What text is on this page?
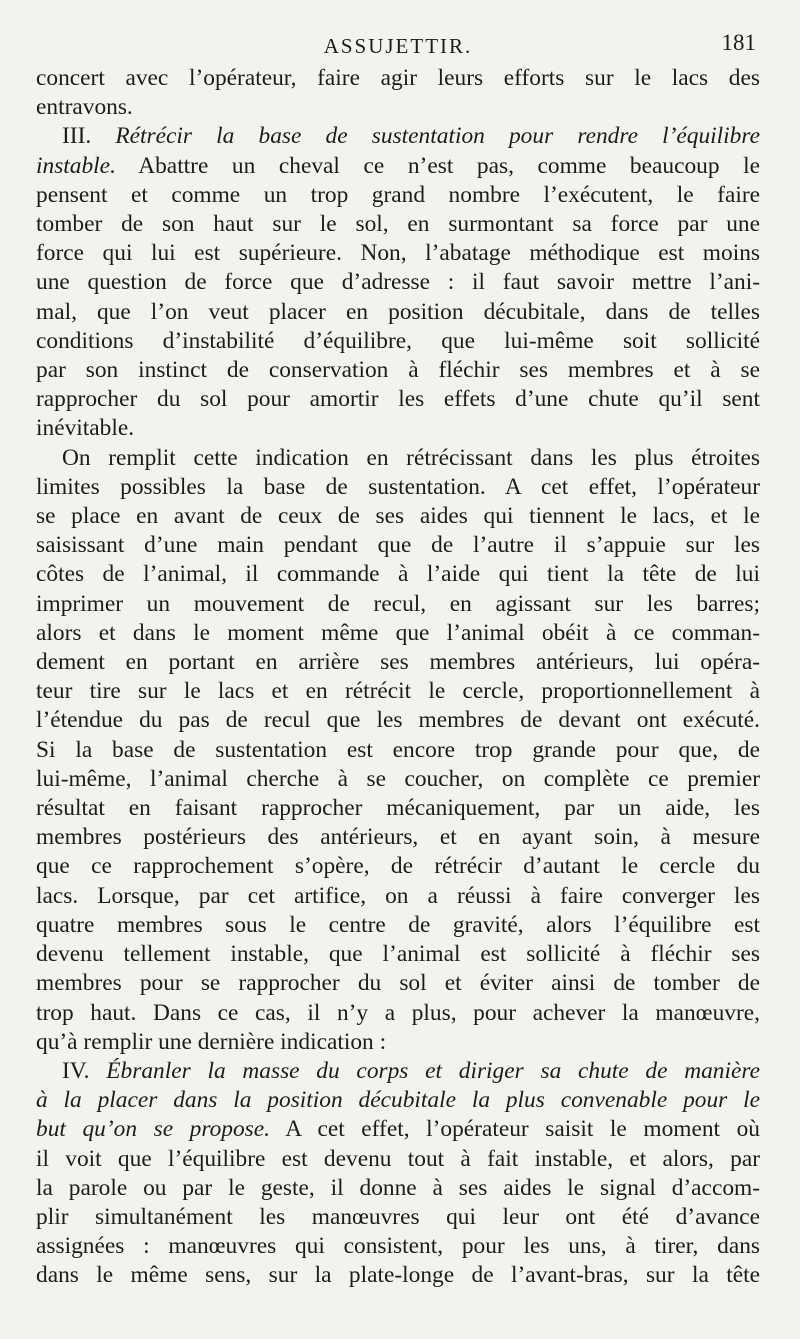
ASSUJETTIR.	181
concert avec l’opérateur, faire agir leurs efforts sur le lacs des
entravons.
III. Rétrécir la base de sustentation pour rendre l’équilibre
instable. Abattre un cheval ce n’est pas, comme beaucoup le
pensent et comme un trop grand nombre l’exécutent, le faire
tomber de son haut sur le sol, en surmontant sa force par une
force qui lui est supérieure. Non, l’abatage méthodique est moins
une question de force que d’adresse : il faut savoir mettre l’ani-
mal, que l’on veut placer en position décubitale, dans de telles
conditions d’instabilité d’équilibre, que lui-même soit sollicité
par son instinct de conservation à fléchir ses membres et à se
rapprocher du sol pour amortir les effets d’une chute qu’il sent
inévitable.
On remplit cette indication en rétrécissant dans les plus étroites
limites possibles la base de sustentation. A cet effet, l’opérateur
se place en avant de ceux de ses aides qui tiennent le lacs, et le
saisissant d’une main pendant que de l’autre il s’appuie sur les
côtes de l’animal, il commande à l’aide qui tient la tête de lui
imprimer un mouvement de recul, en agissant sur les barres;
alors et dans le moment même que l’animal obéit à ce comman-
dement en portant en arrière ses membres antérieurs, lui opéra-
teur tire sur le lacs et en rétrécit le cercle, proportionnellement à
l’étendue du pas de recul que les membres de devant ont exécuté.
Si la base de sustentation est encore trop grande pour que, de
lui-même, l’animal cherche à se coucher, on complète ce premier
résultat en faisant rapprocher mécaniquement, par un aide, les
membres postérieurs des antérieurs, et en ayant soin, à mesure
que ce rapprochement s’opère, de rétrécir d’autant le cercle du
lacs. Lorsque, par cet artifice, on a réussi à faire converger les
quatre membres sous le centre de gravité, alors l’équilibre est
devenu tellement instable, que l’animal est sollicité à fléchir ses
membres pour se rapprocher du sol et éviter ainsi de tomber de
trop haut. Dans ce cas, il n’y a plus, pour achever la manœuvre,
qu’à remplir une dernière indication :
IV. Ébranler la masse du corps et diriger sa chute de manière
à la placer dans la position décubitale la plus convenable pour le
but qu’on se propose. A cet effet, l’opérateur saisit le moment où
il voit que l’équilibre est devenu tout à fait instable, et alors, par
la parole ou par le geste, il donne à ses aides le signal d’accom-
plir simultanément les manœuvres qui leur ont été d’avance
assignées : manœuvres qui consistent, pour les uns, à tirer, dans
dans le même sens, sur la plate-longe de l’avant-bras, sur la tête
